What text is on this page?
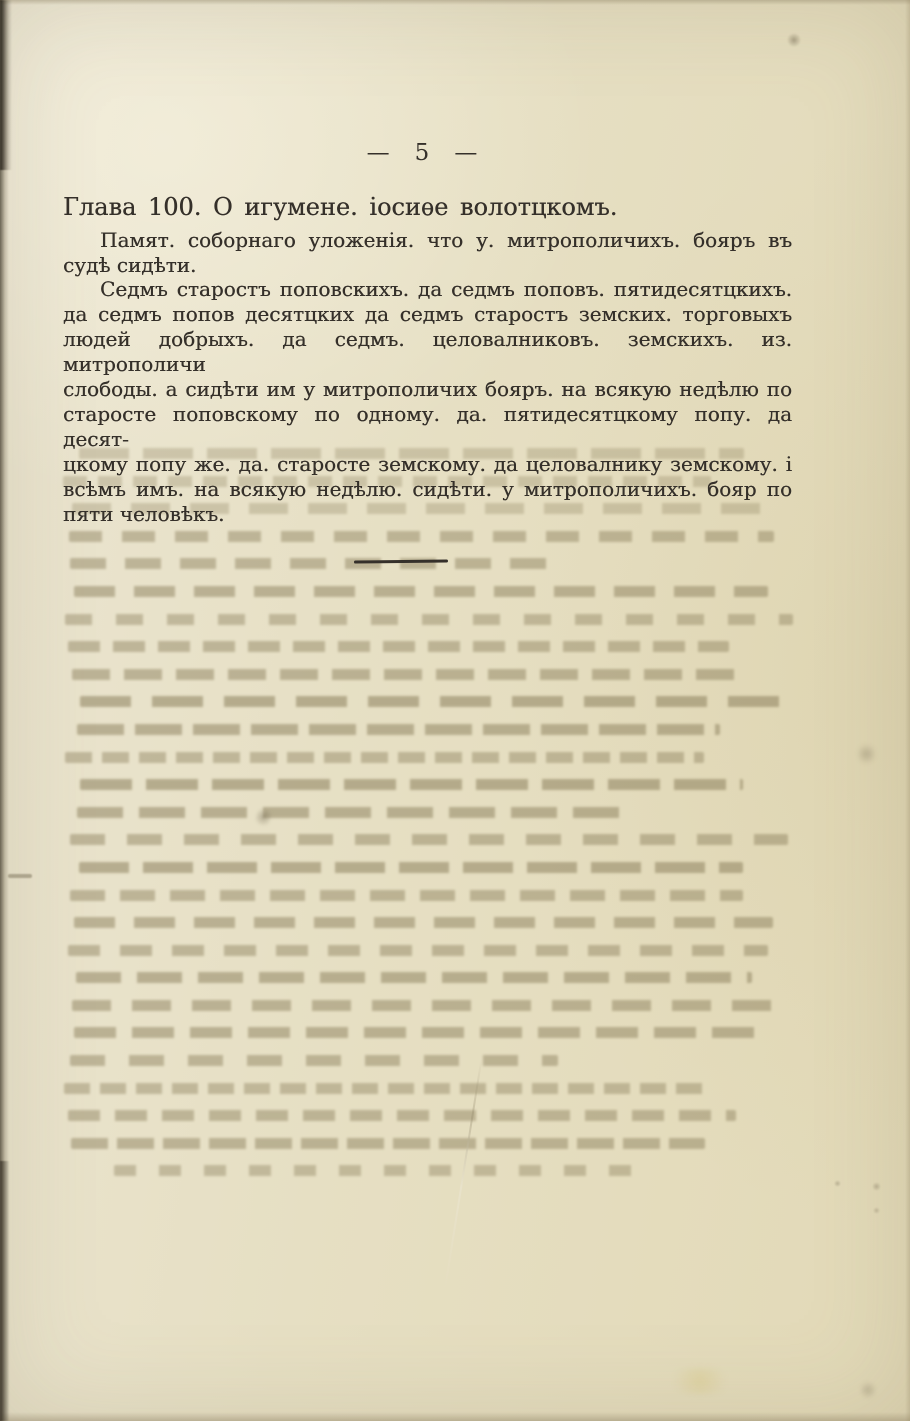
— 5 —
Глава 100. О игумене. іосиѳе волотцкомъ.
Памят. соборнаго уложенія. что у. митрополичихъ. бояръ въ
судѣ сидѣти.
Седмъ старостъ поповскихъ. да седмъ поповъ. пятидесятцкихъ.
да седмъ попов десятцких да седмъ старостъ земских. торговыхъ
людей добрыхъ. да седмъ. целовалниковъ. земскихъ. из. митрополичи
слободы. а сидѣти им у митрополичих бояръ. на всякую недѣлю по
старосте поповскому по одному. да. пятидесятцкому попу. да десят-
цкому попу же. да. старосте земскому. да целовалнику земскому. і
всѣмъ имъ. на всякую недѣлю. сидѣти. у митрополичихъ. бояр по
пяти человѣкъ.
